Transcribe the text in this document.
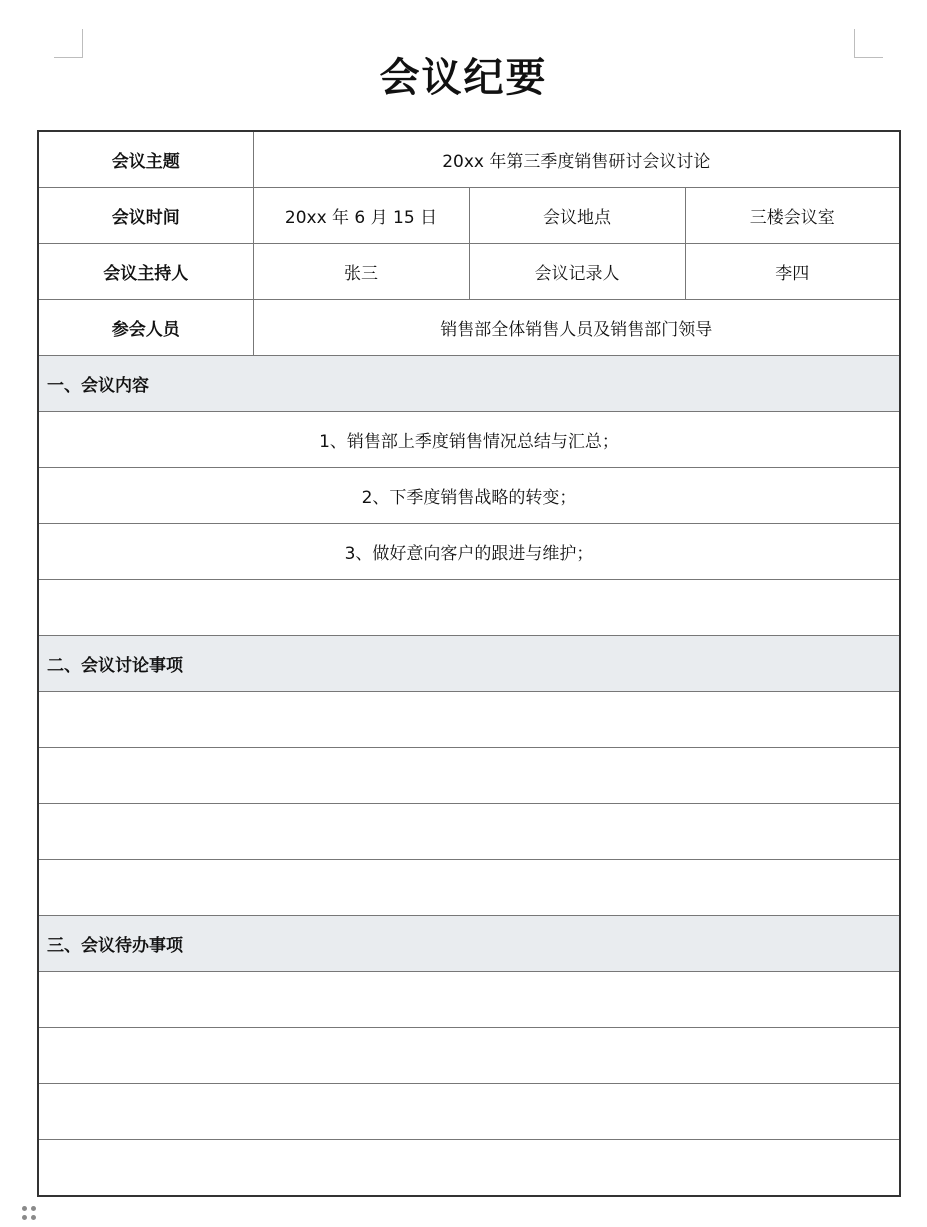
会议纪要
会议主题	20xx 年第三季度销售研讨会议讨论		
会议时间	20xx 年 6 月 15 日	会议地点	三楼会议室
会议主持人	张三	会议记录人	李四
参会人员	销售部全体销售人员及销售部门领导		
一、会议内容			
1、销售部上季度销售情况总结与汇总；			
2、下季度销售战略的转变；			
3、做好意向客户的跟进与维护；			

二、会议讨论事项			

三、会议待办事项			
